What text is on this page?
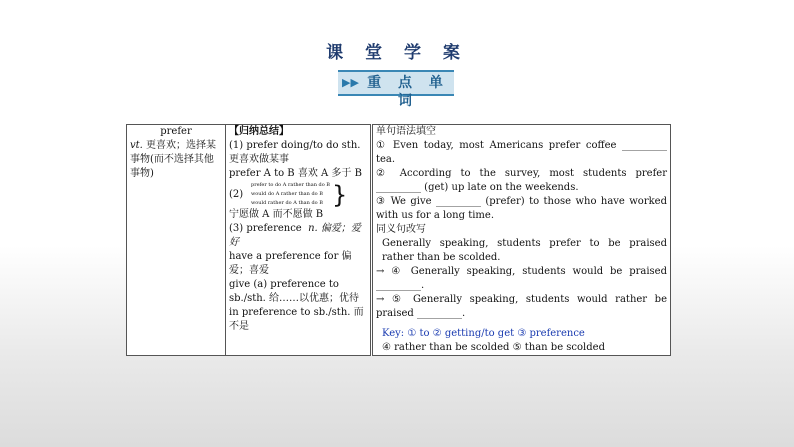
课 堂 学 案
▶▶ 重 点 单 词
prefer
vt. 更喜欢；选择某事物(而不选择其他事物)

【归纳总结】
(1) prefer doing/to do sth. 更喜欢做某事
prefer A to B 喜欢 A 多于 B
(2)
prefer to do A rather than do B
would do A rather than do B
would rather do A than do B }
宁愿做 A 而不愿做 B
(3) preference n. 偏爱；爱好
have a preference for 偏爱；喜爱
give (a) preference to sb./sth. 给……以优惠；优待
in preference to sb./sth. 而不是

单句语法填空
① Even today, most Americans prefer coffee _________ tea.
② According to the survey, most students prefer _________ (get) up late on the weekends.
③ We give _________ (prefer) to those who have worked with us for a long time.
同义句改写
Generally speaking, students prefer to be praised rather than be scolded.
→ ④ Generally speaking, students would be praised _________.
→ ⑤ Generally speaking, students would rather be praised _________.
Key: ① to ② getting/to get ③ preference
④ rather than be scolded ⑤ than be scolded
